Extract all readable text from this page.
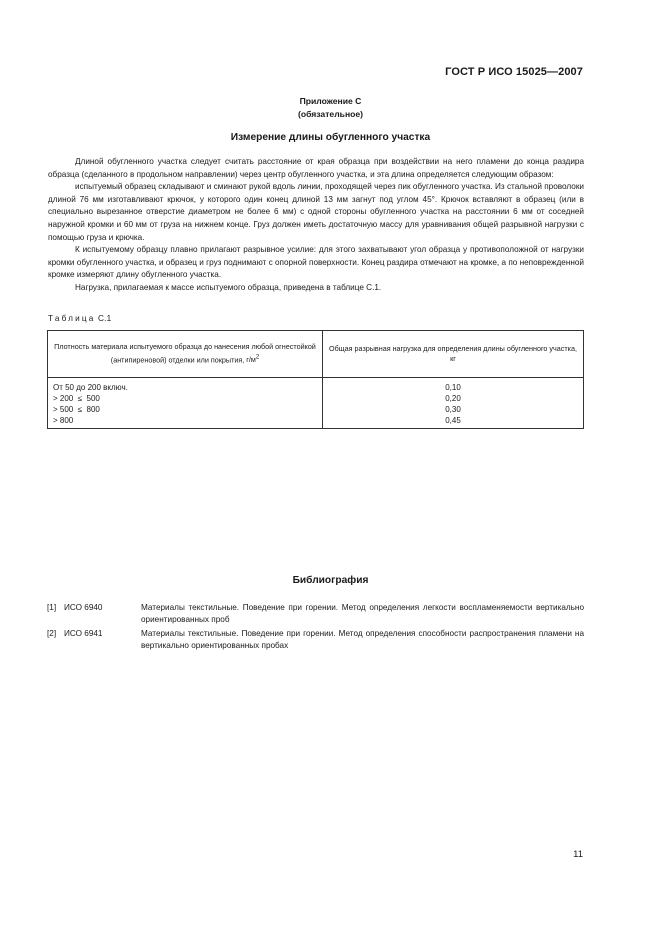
ГОСТ Р ИСО 15025—2007
Приложение С
(обязательное)
Измерение длины обугленного участка

Длиной обугленного участка следует считать расстояние от края образца при воздействии на него пламени до конца раздира образца (сделанного в продольном направлении) через центр обугленного участка, и эта длина определяется следующим образом:

испытуемый образец складывают и сминают рукой вдоль линии, проходящей через пик обугленного участка. Из стальной проволоки длиной 76 мм изготавливают крючок, у которого один конец длиной 13 мм загнут под углом 45°. Крючок вставляют в образец (или в специально вырезанное отверстие диаметром не более 6 мм) с одной стороны обугленного участка на расстоянии 6 мм от соседней наружной кромки и 60 мм от груза на нижнем конце. Груз должен иметь достаточную массу для уравнивания общей разрывной нагрузки с помощью груза и крючка.

К испытуемому образцу плавно прилагают разрывное усилие: для этого захватывают угол образца у противоположной от нагрузки кромки обугленного участка, и образец и груз поднимают с опорной поверхности. Конец раздира отмечают на кромке, а по неповрежденной кромке измеряют длину обугленного участка.

Нагрузка, прилагаемая к массе испытуемого образца, приведена в таблице С.1.

Таблица С.1
Плотность материала испытуемого образца до нанесения любой огнестойкой (антипиреновой) отделки или покрытия, $г/м^2$	Общая разрывная нагрузка для определения длины обугленного участка, кг
От 50 до 200 включ.	0,10
> 200  ≤  500	0,20
> 500  ≤  800	0,30
> 800	0,45
Библиография
[1] ИСО 6940	Материалы текстильные. Поведение при горении. Метод определения легкости воспламеняемости вертикально ориентированных проб
[2] ИСО 6941	Материалы текстильные. Поведение при горении. Метод определения способности распространения пламени на вертикально ориентированных пробах
11
